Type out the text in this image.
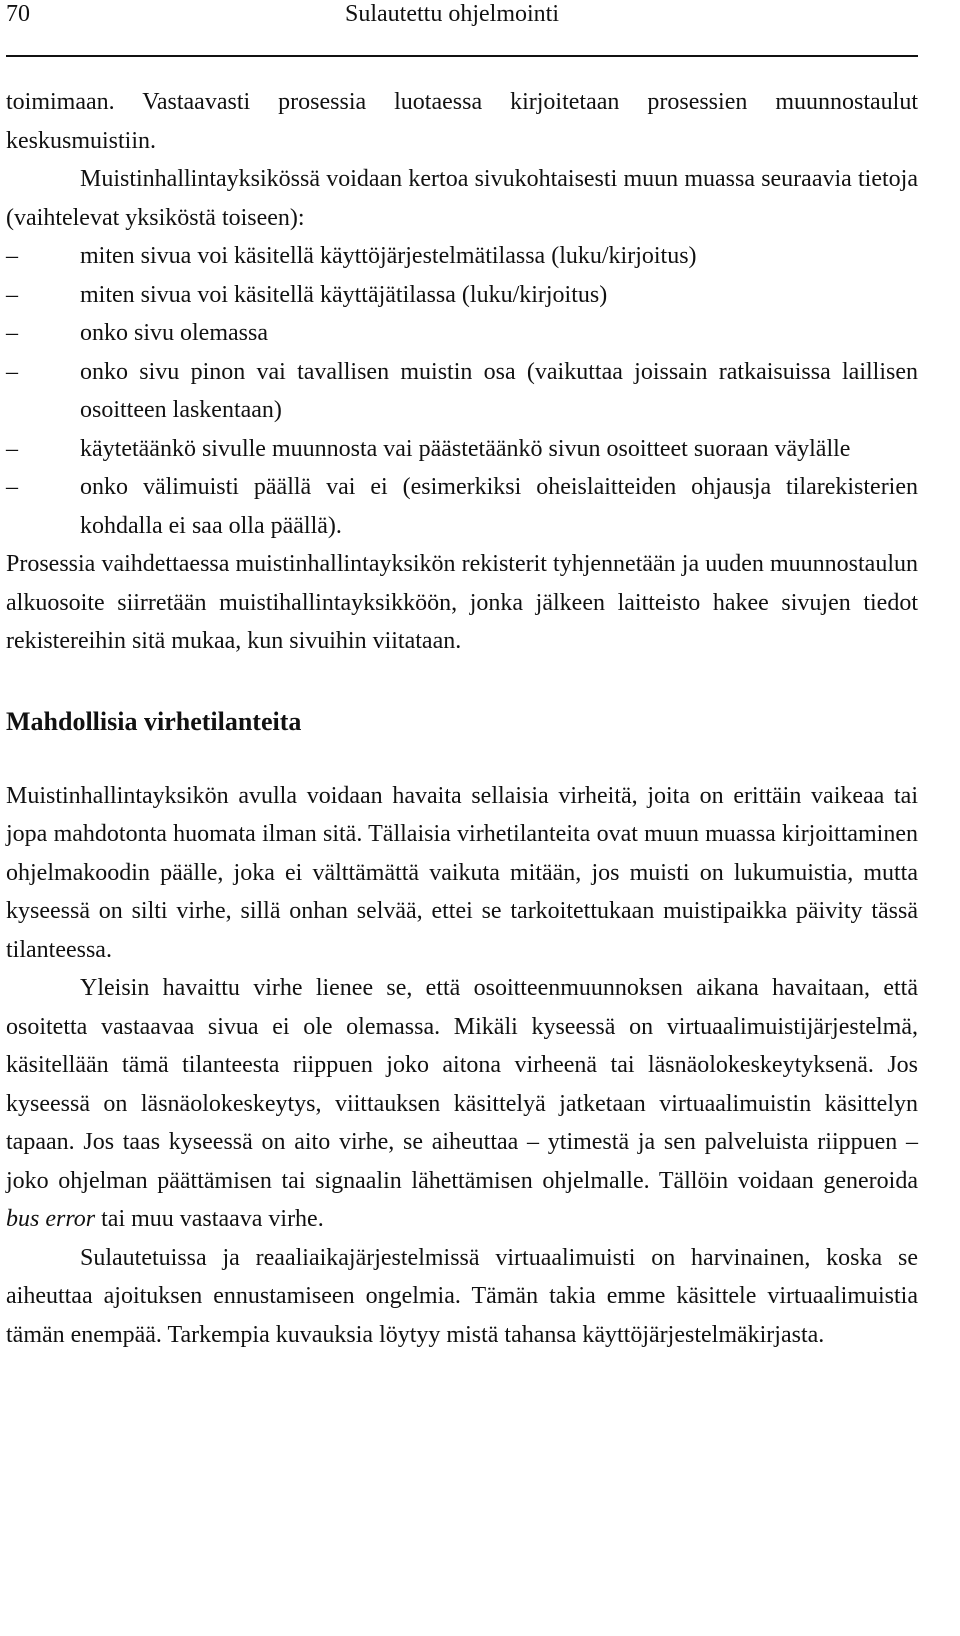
70	Sulautettu ohjelmointi

toimimaan. Vastaavasti prosessia luotaessa kirjoitetaan prosessien muunnostaulut keskusmuistiin.

Muistinhallintayksikössä voidaan kertoa sivukohtaisesti muun muassa seuraavia tietoja (vaihtelevat yksiköstä toiseen):

–	miten sivua voi käsitellä käyttöjärjestelmätilassa (luku/kirjoitus)
–	miten sivua voi käsitellä käyttäjätilassa (luku/kirjoitus)
–	onko sivu olemassa
–	onko sivu pinon vai tavallisen muistin osa (vaikuttaa joissain ratkaisuissa laillisen osoitteen laskentaan)
–	käytetäänkö sivulle muunnosta vai päästetäänkö sivun osoitteet suoraan väylälle
–	onko välimuisti päällä vai ei (esimerkiksi oheislaitteiden ohjausja tilarekisterien kohdalla ei saa olla päällä).

Prosessia vaihdettaessa muistinhallintayksikön rekisterit tyhjennetään ja uuden muunnostaulun alkuosoite siirretään muistihallintayksikköön, jonka jälkeen laitteisto hakee sivujen tiedot rekistereihin sitä mukaa, kun sivuihin viitataan.

Mahdollisia virhetilanteita

Muistinhallintayksikön avulla voidaan havaita sellaisia virheitä, joita on erittäin vaikeaa tai jopa mahdotonta huomata ilman sitä. Tällaisia virhetilanteita ovat muun muassa kirjoittaminen ohjelmakoodin päälle, joka ei välttämättä vaikuta mitään, jos muisti on lukumuistia, mutta kyseessä on silti virhe, sillä onhan selvää, ettei se tarkoitettukaan muistipaikka päivity tässä tilanteessa.

Yleisin havaittu virhe lienee se, että osoitteenmuunnoksen aikana havaitaan, että osoitetta vastaavaa sivua ei ole olemassa. Mikäli kyseessä on virtuaalimuistijärjestelmä, käsitellään tämä tilanteesta riippuen joko aitona virheenä tai läsnäolokeskeytyksenä. Jos kyseessä on läsnäolokeskeytys, viittauksen käsittelyä jatketaan virtuaalimuistin käsittelyn tapaan. Jos taas kyseessä on aito virhe, se aiheuttaa – ytimestä ja sen palveluista riippuen – joko ohjelman päättämisen tai signaalin lähettämisen ohjelmalle. Tällöin voidaan generoida bus error tai muu vastaava virhe.

Sulautetuissa ja reaaliaikajärjestelmissä virtuaalimuisti on harvinainen, koska se aiheuttaa ajoituksen ennustamiseen ongelmia. Tämän takia emme käsittele virtuaalimuistia tämän enempää. Tarkempia kuvauksia löytyy mistä tahansa käyttöjärjestelmäkirjasta.
